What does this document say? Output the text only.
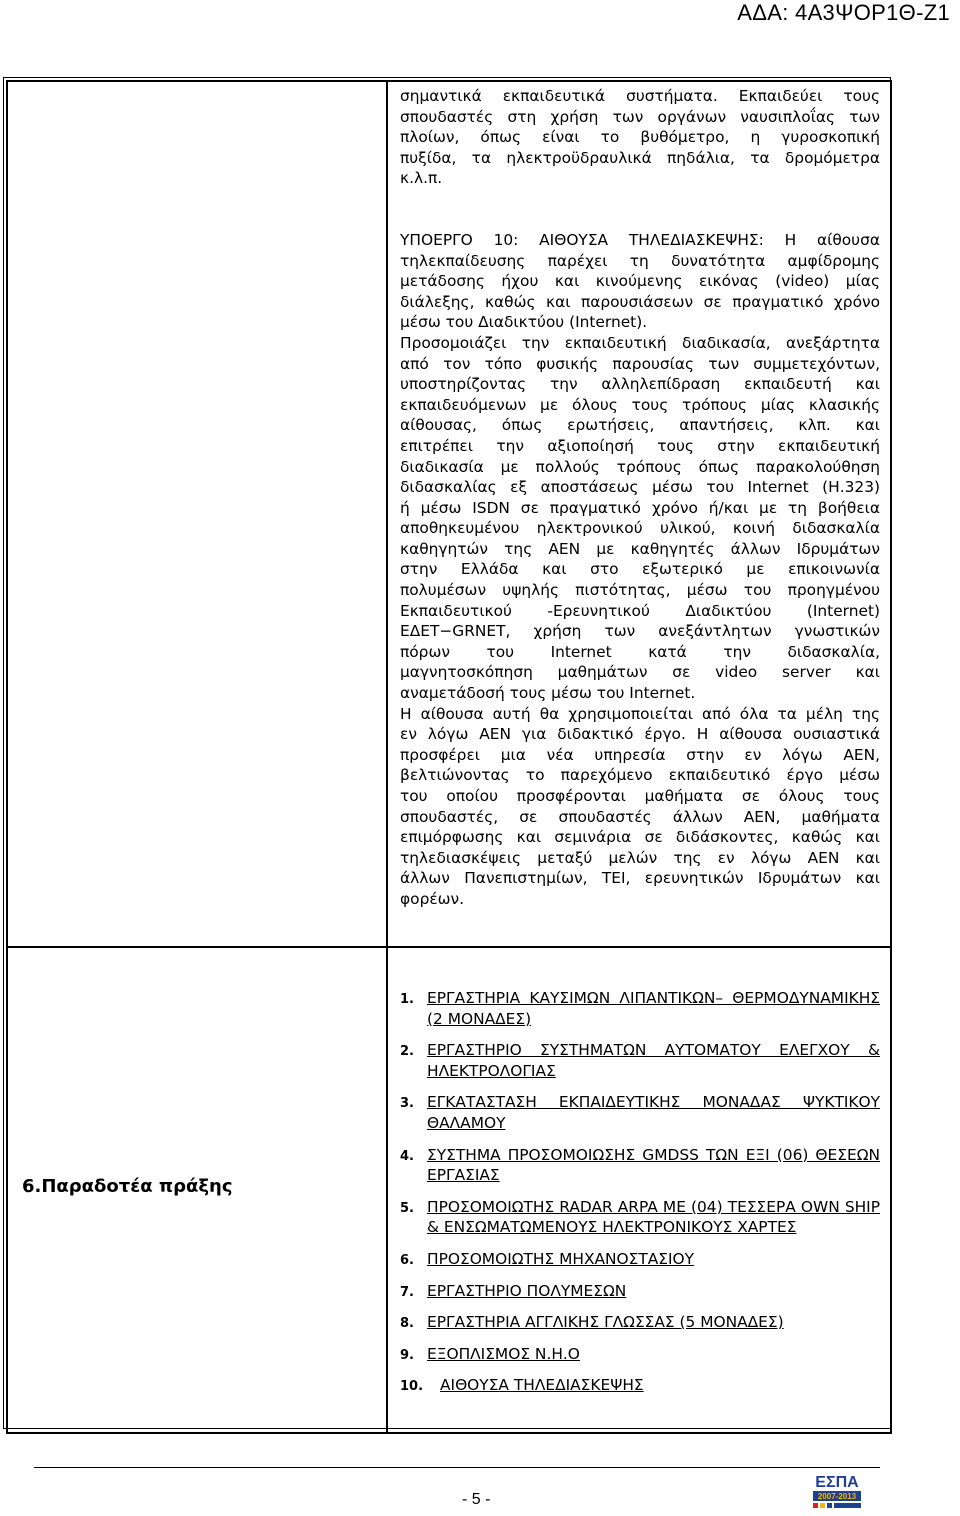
ΑΔΑ: 4Α3ΨΟΡ1Θ-Ζ1
σημαντικά εκπαιδευτικά συστήματα. Εκπαιδεύει τους
σπουδαστές στη χρήση των οργάνων ναυσιπλοΐας των
πλοίων, όπως είναι το βυθόμετρο, η γυροσκοπική
πυξίδα, τα ηλεκτροϋδραυλικά πηδάλια, τα δρομόμετρα
κ.λ.π.
ΥΠΟΕΡΓΟ 10: ΑΙΘΟΥΣΑ ΤΗΛΕΔΙΑΣΚΕΨΗΣ: Η αίθουσα
τηλεκπαίδευσης παρέχει τη δυνατότητα αμφίδρομης
μετάδοσης ήχου και κινούμενης εικόνας (video) μίας
διάλεξης, καθώς και παρουσιάσεων σε πραγματικό χρόνο
μέσω του Διαδικτύου (Internet).
Προσομοιάζει την εκπαιδευτική διαδικασία, ανεξάρτητα
από τον τόπο φυσικής παρουσίας των συμμετεχόντων,
υποστηρίζοντας την αλληλεπίδραση εκπαιδευτή και
εκπαιδευόμενων με όλους τους τρόπους μίας κλασικής
αίθουσας, όπως ερωτήσεις, απαντήσεις, κλπ. και
επιτρέπει την αξιοποίησή τους στην εκπαιδευτική
διαδικασία με πολλούς τρόπους όπως παρακολούθηση
διδασκαλίας εξ αποστάσεως μέσω του Internet (Η.323)
ή μέσω ISDN σε πραγματικό χρόνο ή/και με τη βοήθεια
αποθηκευμένου ηλεκτρονικού υλικού, κοινή διδασκαλία
καθηγητών της ΑΕΝ με καθηγητές άλλων Ιδρυμάτων
στην Ελλάδα και στο εξωτερικό με επικοινωνία
πολυμέσων υψηλής πιστότητας, μέσω του προηγμένου
Εκπαιδευτικού -Ερευνητικού Διαδικτύου (Internet)
ΕΔΕΤ−GRNET, χρήση των ανεξάντλητων γνωστικών
πόρων του Internet κατά την διδασκαλία,
μαγνητοσκόπηση μαθημάτων σε video server και
αναμετάδοσή τους μέσω του Internet.
Η αίθουσα αυτή θα χρησιμοποιείται από όλα τα μέλη της
εν λόγω ΑΕΝ για διδακτικό έργο. Η αίθουσα ουσιαστικά
προσφέρει μια νέα υπηρεσία στην εν λόγω ΑΕΝ,
βελτιώνοντας το παρεχόμενο εκπαιδευτικό έργο μέσω
του οποίου προσφέρονται μαθήματα σε όλους τους
σπουδαστές, σε σπουδαστές άλλων ΑΕΝ, μαθήματα
επιμόρφωσης και σεμινάρια σε διδάσκοντες, καθώς και
τηλεδιασκέψεις μεταξύ μελών της εν λόγω ΑΕΝ και
άλλων Πανεπιστημίων, ΤΕΙ, ερευνητικών Ιδρυμάτων και
φορέων.
6.Παραδοτέα πράξης
1. ΕΡΓΑΣΤΗΡΙΑ ΚΑΥΣΙΜΩΝ ΛΙΠΑΝΤΙΚΩΝ– ΘΕΡΜΟΔΥΝΑΜΙΚΗΣ (2 ΜΟΝΑΔΕΣ)
2. ΕΡΓΑΣΤΗΡΙΟ ΣΥΣΤΗΜΑΤΩΝ ΑΥΤΟΜΑΤΟΥ ΕΛΕΓΧΟΥ & ΗΛΕΚΤΡΟΛΟΓΙΑΣ
3. ΕΓΚΑΤΑΣΤΑΣΗ ΕΚΠΑΙΔΕΥΤΙΚΗΣ ΜΟΝΑΔΑΣ ΨΥΚΤΙΚΟΥ ΘΑΛΑΜΟΥ
4. ΣΥΣΤΗΜΑ ΠΡΟΣΟΜΟΙΩΣΗΣ GMDSS ΤΩΝ ΕΞΙ (06) ΘΕΣΕΩΝ ΕΡΓΑΣΙΑΣ
5. ΠΡΟΣΟΜΟΙΩΤΗΣ RADAR ARPA ΜΕ (04) ΤΕΣΣΕΡΑ OWN SHIP & ΕΝΣΩΜΑΤΩΜΕΝΟΥΣ ΗΛΕΚΤΡΟΝΙΚΟΥΣ ΧΑΡΤΕΣ
6. ΠΡΟΣΟΜΟΙΩΤΗΣ ΜΗΧΑΝΟΣΤΑΣΙΟΥ
7. ΕΡΓΑΣΤΗΡΙΟ ΠΟΛΥΜΕΣΩΝ
8. ΕΡΓΑΣΤΗΡΙΑ ΑΓΓΛΙΚΗΣ ΓΛΩΣΣΑΣ (5 ΜΟΝΑΔΕΣ)
9. ΕΞΟΠΛΙΣΜΟΣ Ν.Η.Ο
10.	ΑΙΘΟΥΣΑ ΤΗΛΕΔΙΑΣΚΕΨΗΣ
- 5 -
ΕΣΠΑ
2007-2013
